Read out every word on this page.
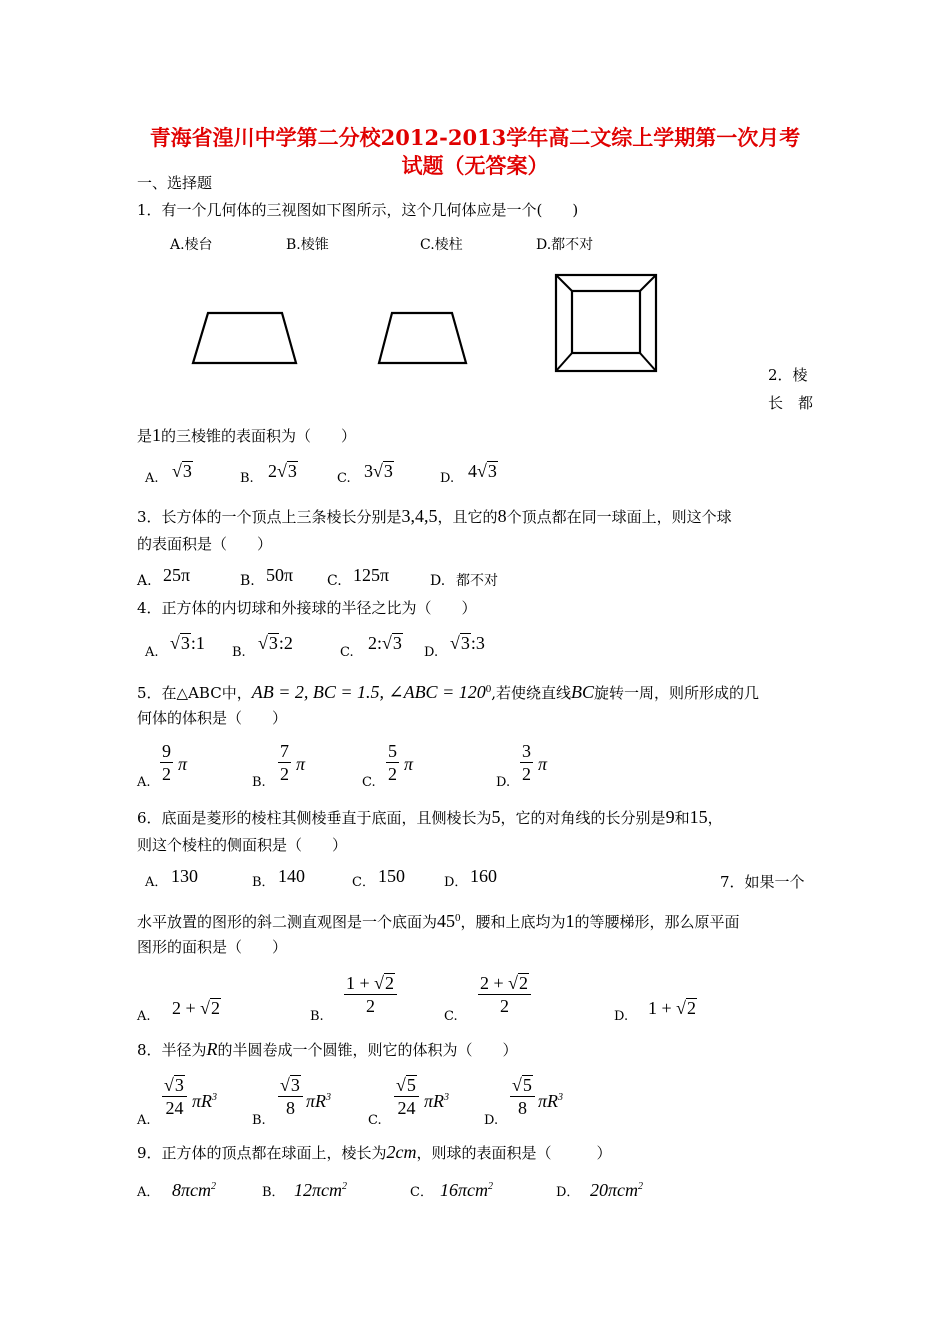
青海省湟川中学第二分校2012-2013学年高二文综上学期第一次月考
试题（无答案）
一、选择题
1．有一个几何体的三视图如下图所示，这个几何体应是一个(　　)
A.棱台	B.棱锥	C.棱柱	D.都不对
2．棱
长　都
是1的三棱锥的表面积为（　　）
A. √3	B. 2√3	C. 3√3	D. 4√3
3．长方体的一个顶点上三条棱长分别是3,4,5，且它的8个顶点都在同一球面上，则这个球
的表面积是（　　）
A. 25π	B. 50π C. 125π	D. 都不对
4．正方体的内切球和外接球的半径之比为（　　）
A. √3:1 B. √3:2	C. 2:√3 D. √3:3
5．在△ABC中，AB = 2, BC = 1.5, ∠ABC = $120^0$,若使绕直线BC旋转一周，则所形成的几
何体的体积是（　　）
A. $\frac{9}{2}$ π
B. $\frac{7}{2}$ π
C. $\frac{5}{2}$ π
D. $\frac{3}{2}$ π
6．底面是菱形的棱柱其侧棱垂直于底面，且侧棱长为5，它的对角线的长分别是9和15，
则这个棱柱的侧面积是（　　）
A． 130	B． 140	C． 150	D． 160	7．如果一个
水平放置的图形的斜二测直观图是一个底面为$45^0$，腰和上底均为1的等腰梯形，那么原平面
图形的面积是（　　）
A. 2 + √2	B. $\frac{1 + √2}{2}$	C. $\frac{2 + √2}{2}$	D. 1 + √2
8．半径为R的半圆卷成一个圆锥，则它的体积为（　　）
A.
$\frac{√3}{24} \pi R^3$
B.
$\frac{√3}{8} \pi R^3$
C.
$\frac{√5}{24} \pi R^3$
D.
$\frac{√5}{8} \pi R^3$
9．正方体的顶点都在球面上，棱长为2cm，则球的表面积是（　　　）
A． 8πcm$^2$	B． 12πcm$^2$	C． 16πcm$^2$	D． 20πcm$^2$
